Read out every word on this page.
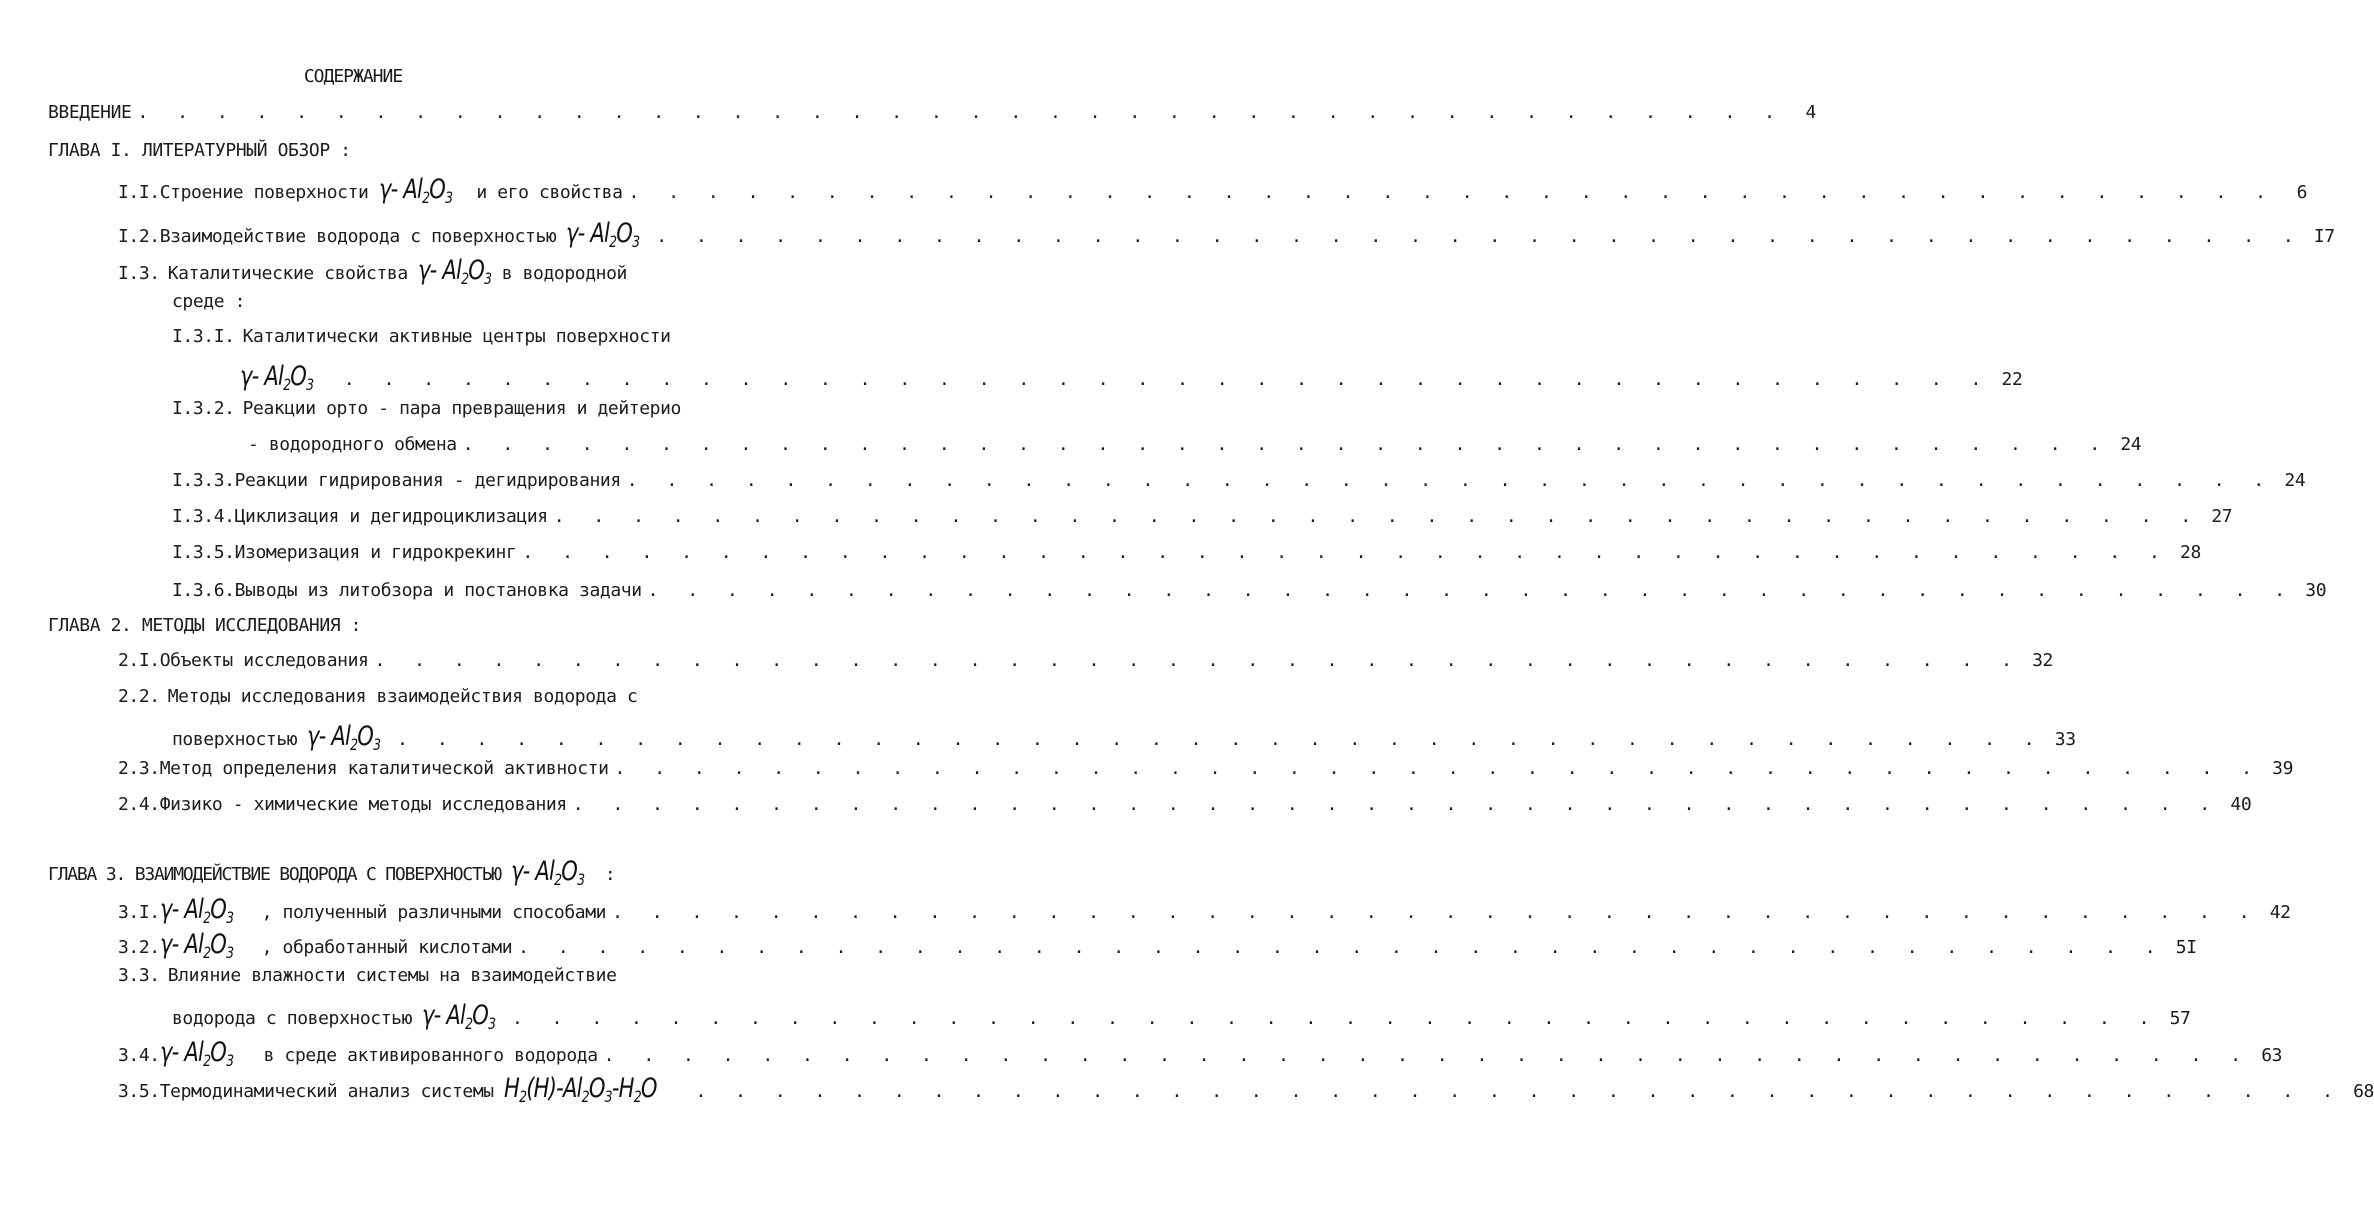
СОДЕРЖАНИЕ
ВВЕДЕНИЕ . . . . . . . . . . . . . . . . . . . . . . . . . . . . . . . . . . . . . . . . . .	4
ГЛАВА I. ЛИТЕРАТУРНЫЙ ОБЗОР :
I.I. Строение поверхности γ- $Al_2O_3$ и его свойства . . . . . . . . . . . . . . . . . . . . . . . . . . . . . . . . . . . . . . . . . .	6
I.2. Взаимодействие водорода с поверхностью γ- $Al_2O_3$ . . . . . . . . . . . . . . . . . . . . . . . . . . . . . . . . . . . . . . . . . . I7
I.3. Каталитические свойства γ- $Al_2O_3$ в водородной
среде :
I.3.I. Каталитически активные центры поверхности
γ- $Al_2O_3$ . . . . . . . . . . . . . . . . . . . . . . . . . . . . . . . . . . . . . . . . . . 22
I.3.2. Реакции орто - пара превращения и дейтерио
- водородного обмена . . . . . . . . . . . . . . . . . . . . . . . . . . . . . . . . . . . . . . . . . . 24
I.3.3. Реакции гидрирования - дегидрирования . . . . . . . . . . . . . . . . . . . . . . . . . . . . . . . . . . . . . . . . . . 24
I.3.4. Циклизация и дегидроциклизация . . . . . . . . . . . . . . . . . . . . . . . . . . . . . . . . . . . . . . . . . . 27
I.3.5. Изомеризация и гидрокрекинг . . . . . . . . . . . . . . . . . . . . . . . . . . . . . . . . . . . . . . . . . . 28
I.3.6. Выводы из литобзора и постановка задачи . . . . . . . . . . . . . . . . . . . . . . . . . . . . . . . . . . . . . . . . . . 30
ГЛАВА 2. МЕТОДЫ ИССЛЕДОВАНИЯ :
2.I. Объекты исследования . . . . . . . . . . . . . . . . . . . . . . . . . . . . . . . . . . . . . . . . . . 32
2.2. Методы исследования взаимодействия водорода с
поверхностью γ- $Al_2O_3$ . . . . . . . . . . . . . . . . . . . . . . . . . . . . . . . . . . . . . . . . . . 33
2.3. Метод определения каталитической активности . . . . . . . . . . . . . . . . . . . . . . . . . . . . . . . . . . . . . . . . . . 39
2.4. Физико - химические методы исследования . . . . . . . . . . . . . . . . . . . . . . . . . . . . . . . . . . . . . . . . . . 40
ГЛАВА 3. ВЗАИМОДЕЙСТВИЕ ВОДОРОДА С ПОВЕРХНОСТЬЮ γ- $Al_2O_3$ :
3.I. γ- $Al_2O_3$ , полученный различными способами . . . . . . . . . . . . . . . . . . . . . . . . . . . . . . . . . . . . . . . . . . 42
3.2. γ- $Al_2O_3$ , обработанный кислотами . . . . . . . . . . . . . . . . . . . . . . . . . . . . . . . . . . . . . . . . . . 5I
3.3. Влияние влажности системы на взаимодействие
водорода с поверхностью γ- $Al_2O_3$ . . . . . . . . . . . . . . . . . . . . . . . . . . . . . . . . . . . . . . . . . . 57
3.4. γ- $Al_2O_3$ в среде активированного водорода . . . . . . . . . . . . . . . . . . . . . . . . . . . . . . . . . . . . . . . . . . 63
3.5. Термодинамический анализ системы $H_2(H)-Al_2O_3-H_2O$ . . . . . . . . . . . . . . . . . . . . . . . . . . . . . . . . . . . . . . . . . . 68
